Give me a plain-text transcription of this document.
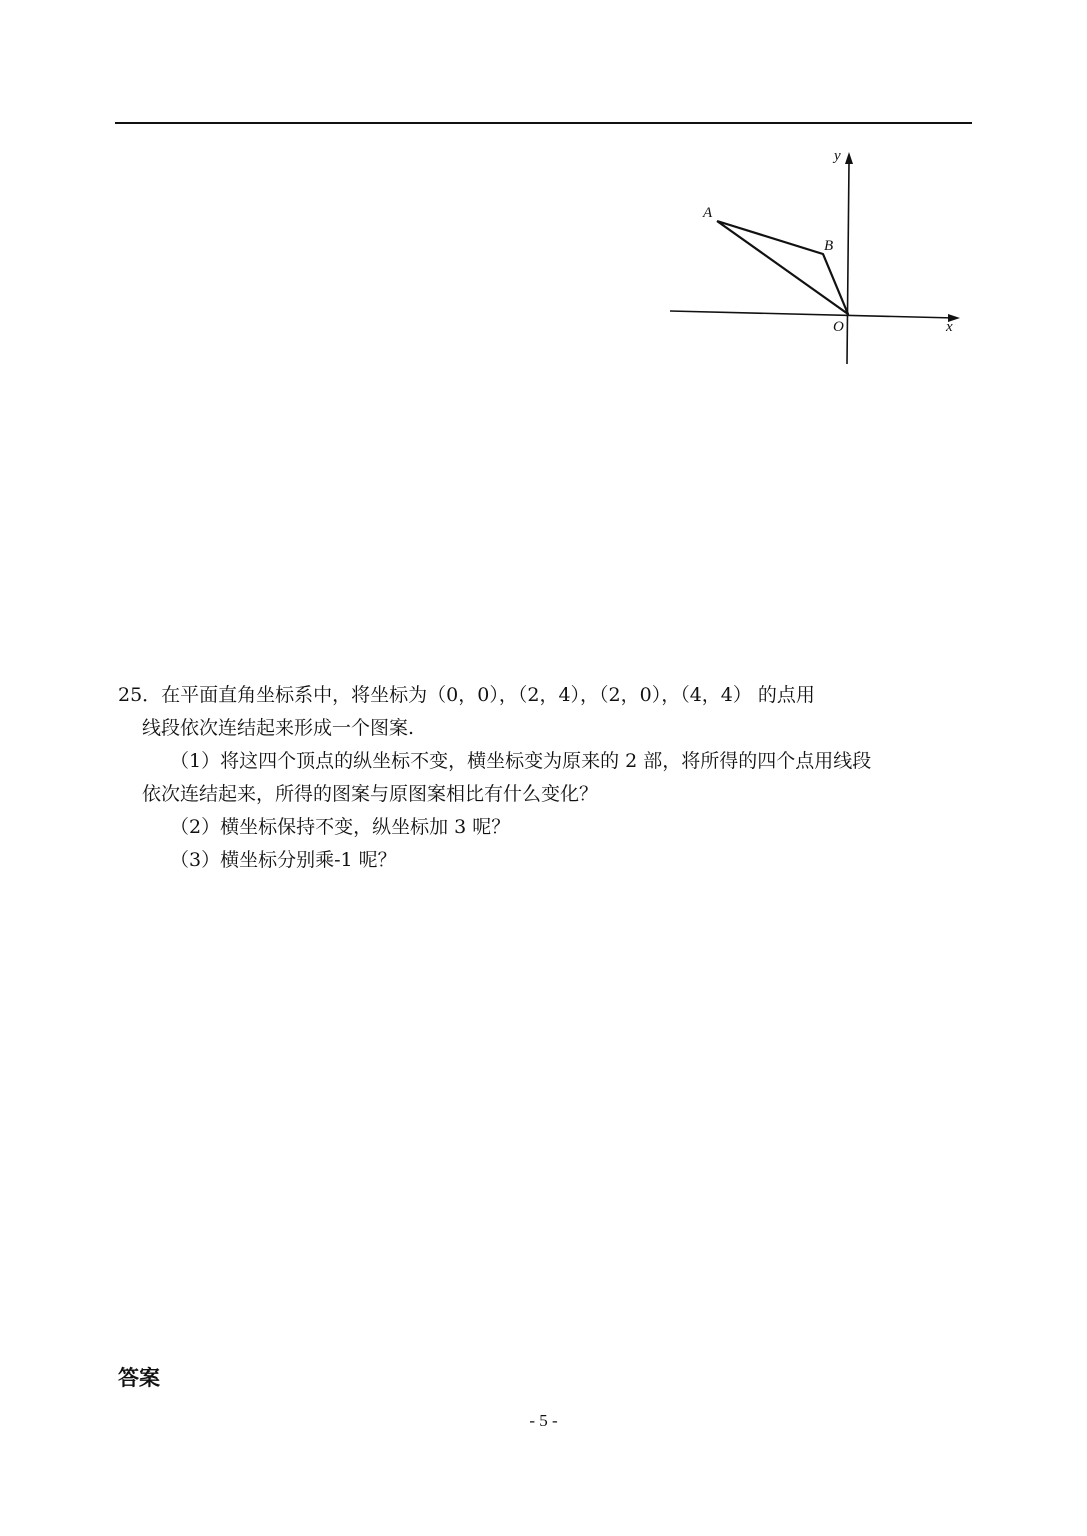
y
x
O
A
B
25．在平面直角坐标系中，将坐标为（0，0），（2，4），（2，0），（4，4） 的点用
线段依次连结起来形成一个图案.
（1）将这四个顶点的纵坐标不变，横坐标变为原来的 2 部，将所得的四个点用线段
依次连结起来，所得的图案与原图案相比有什么变化？
（2）横坐标保持不变，纵坐标加 3 呢？
（3）横坐标分别乘-1 呢？
答案
- 5 -
